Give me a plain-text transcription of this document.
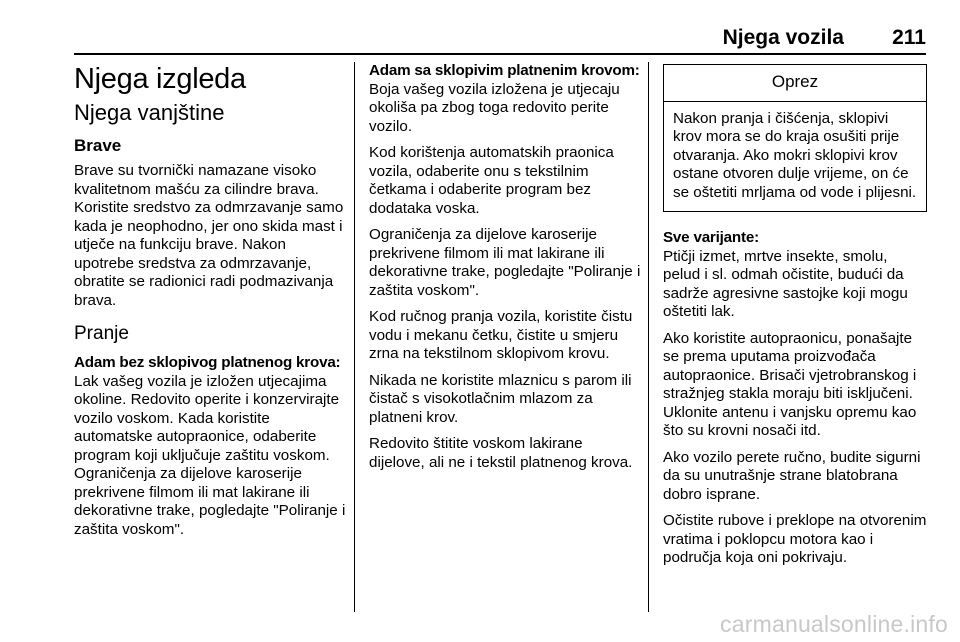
Njega vozila 211
Njega izgleda
Njega vanjštine
Brave

Brave su tvornički namazane visoko kvalitetnom mašću za cilindre brava. Koristite sredstvo za odmrzavanje samo kada je neophodno, jer ono skida mast i utječe na funkciju brave. Nakon upotrebe sredstva za odmrzavanje, obratite se radionici radi podmazivanja brava.

Pranje

Adam bez sklopivog platnenog krova:
Lak vašeg vozila je izložen utjecajima okoline. Redovito operite i konzervirajte vozilo voskom. Kada koristite automatske autopraonice, odaberite program koji uključuje zaštitu voskom. Ograničenja za dijelove karoserije prekrivene filmom ili mat lakirane ili dekorativne trake, pogledajte "Poliranje i zaštita voskom".

Adam sa sklopivim platnenim krovom:
Boja vašeg vozila izložena je utjecaju okoliša pa zbog toga redovito perite vozilo.

Kod korištenja automatskih praonica vozila, odaberite onu s tekstilnim četkama i odaberite program bez dodataka voska.

Ograničenja za dijelove karoserije prekrivene filmom ili mat lakirane ili dekorativne trake, pogledajte "Poliranje i zaštita voskom".

Kod ručnog pranja vozila, koristite čistu vodu i mekanu četku, čistite u smjeru zrna na tekstilnom sklopivom krovu.

Nikada ne koristite mlaznicu s parom ili čistač s visokotlačnim mlazom za platneni krov.

Redovito štitite voskom lakirane dijelove, ali ne i tekstil platnenog krova.

Oprez
Nakon pranja i čišćenja, sklopivi krov mora se do kraja osušiti prije otvaranja. Ako mokri sklopivi krov ostane otvoren dulje vrijeme, on će se oštetiti mrljama od vode i plijesni.

Sve varijante:
Ptičji izmet, mrtve insekte, smolu, pelud i sl. odmah očistite, budući da sadrže agresivne sastojke koji mogu oštetiti lak.

Ako koristite autopraonicu, ponašajte se prema uputama proizvođača autopraonice. Brisači vjetrobranskog i stražnjeg stakla moraju biti isključeni. Uklonite antenu i vanjsku opremu kao što su krovni nosači itd.

Ako vozilo perete ručno, budite sigurni da su unutrašnje strane blatobrana dobro isprane.

Očistite rubove i preklope na otvorenim vratima i poklopcu motora kao i područja koja oni pokrivaju.

carmanualsonline.info
